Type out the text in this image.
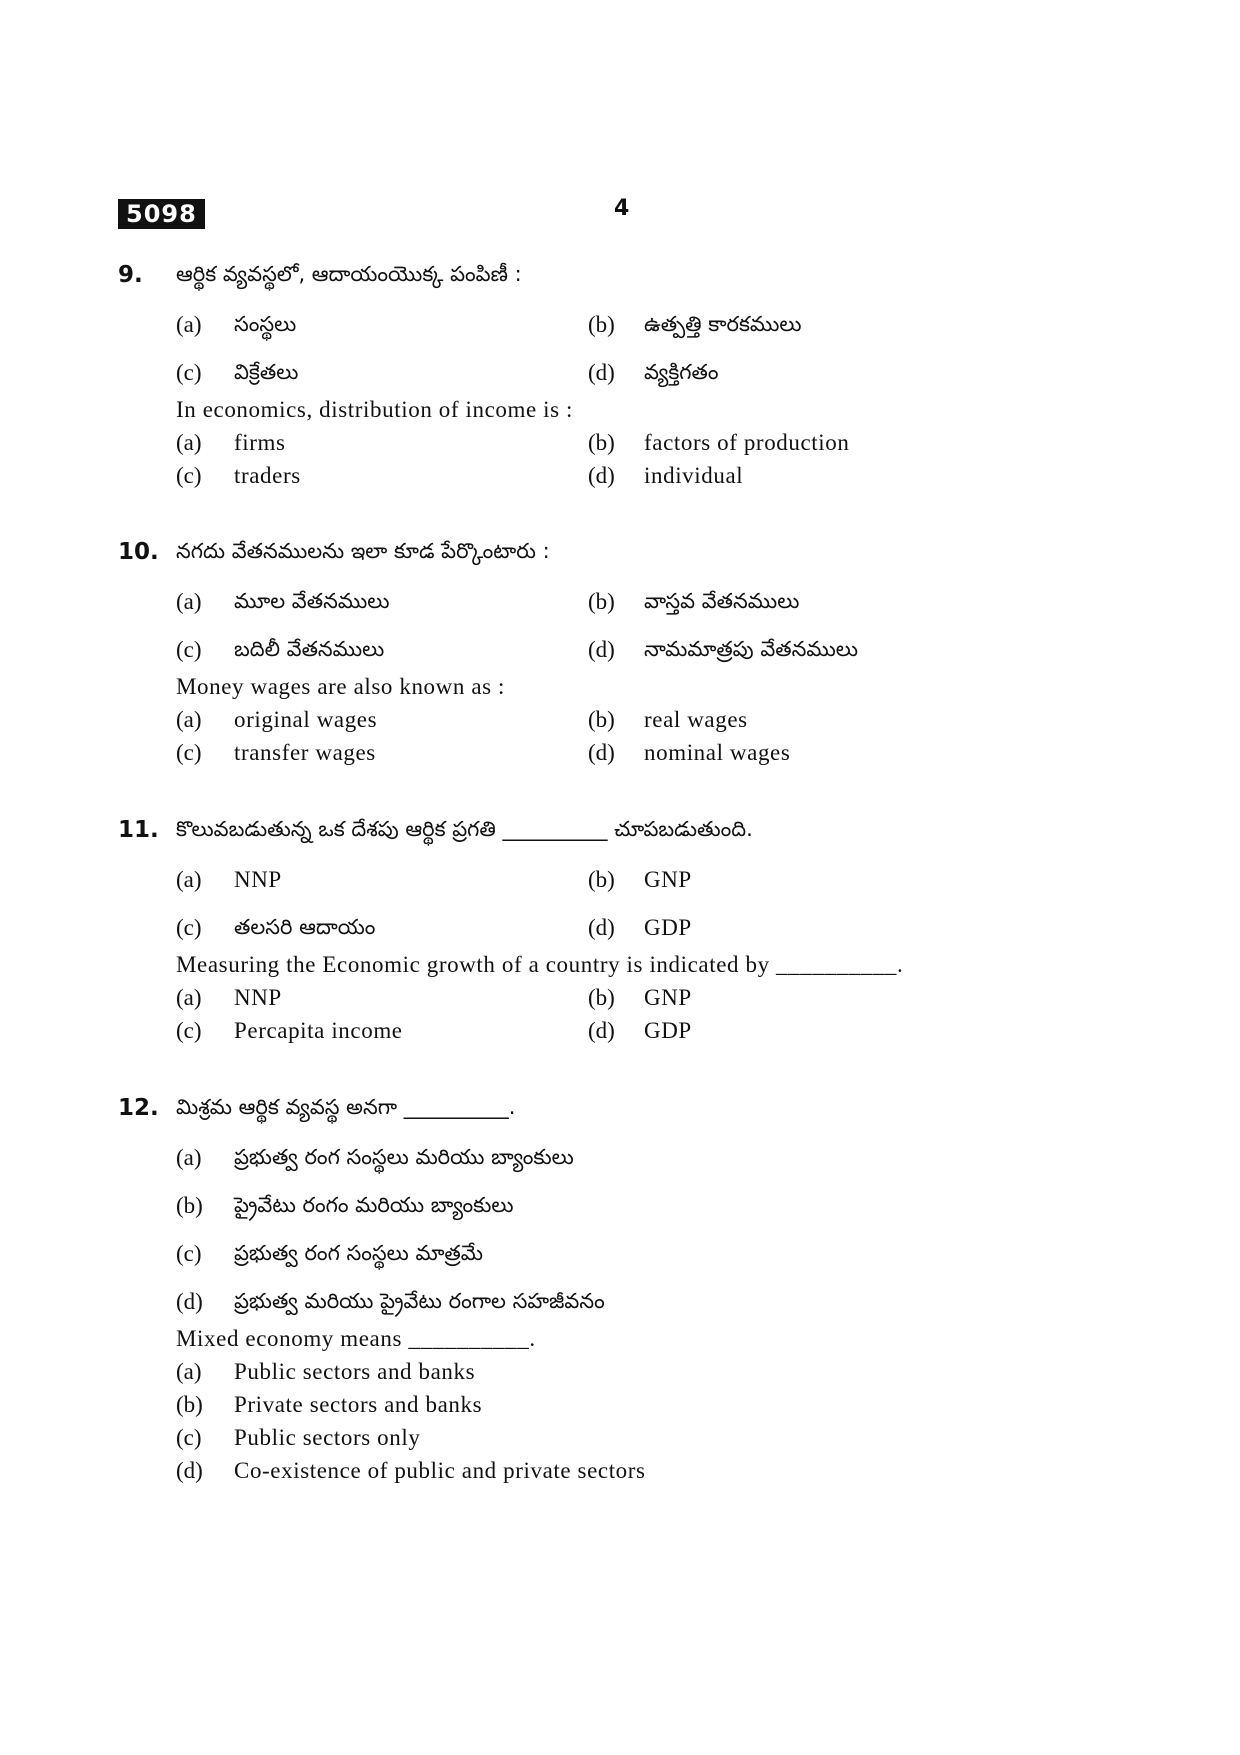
5098	4
9. ఆర్థిక వ్యవస్థలో, ఆదాయంయొక్క పంపిణీ :
(a) సంస్థలు	(b) ఉత్పత్తి కారకములు
(c) విక్రేతలు	(d) వ్యక్తిగతం
In economics, distribution of income is :
(a) firms	(b) factors of production
(c) traders	(d) individual
10. నగదు వేతనములను ఇలా కూడ పేర్కొంటారు :
(a) మూల వేతనములు	(b) వాస్తవ వేతనములు
(c) బదిలీ వేతనములు	(d) నామమాత్రపు వేతనములు
Money wages are also known as :
(a) original wages	(b) real wages
(c) transfer wages	(d) nominal wages
11. కొలువబడుతున్న ఒక దేశపు ఆర్థిక ప్రగతి __________ చూపబడుతుంది.
(a) NNP	(b) GNP
(c) తలసరి ఆదాయం	(d) GDP
Measuring the Economic growth of a country is indicated by __________.
(a) NNP	(b) GNP
(c) Percapita income	(d) GDP
12. మిశ్రమ ఆర్థిక వ్యవస్థ అనగా __________.
(a) ప్రభుత్వ రంగ సంస్థలు మరియు బ్యాంకులు
(b) ప్రైవేటు రంగం మరియు బ్యాంకులు
(c) ప్రభుత్వ రంగ సంస్థలు మాత్రమే
(d) ప్రభుత్వ మరియు ప్రైవేటు రంగాల సహజీవనం
Mixed economy means __________.
(a) Public sectors and banks
(b) Private sectors and banks
(c) Public sectors only
(d) Co-existence of public and private sectors
